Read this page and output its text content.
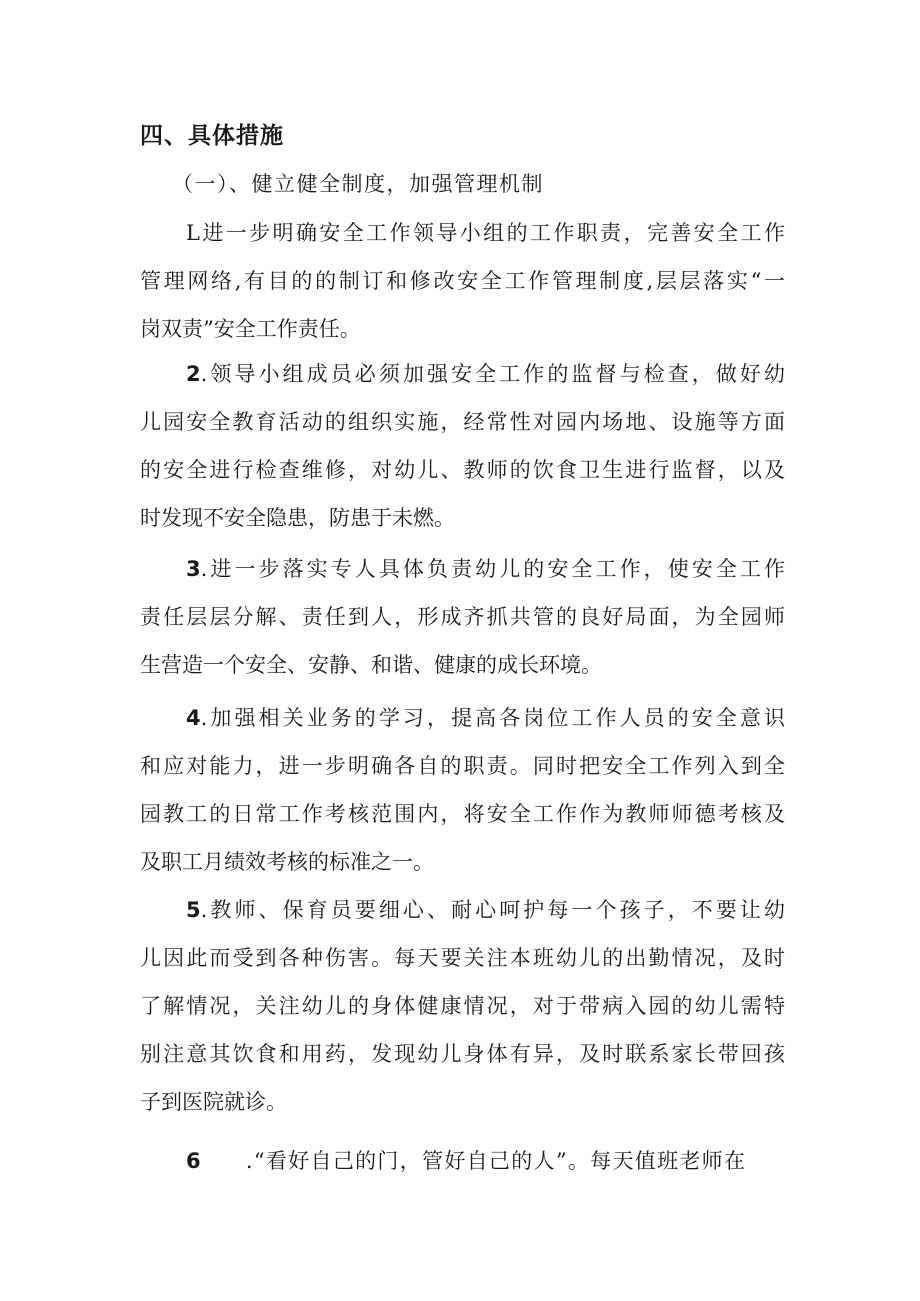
四、具体措施
（一）、健立健全制度，加强管理机制
L进一步明确安全工作领导小组的工作职责，完善安全工作
管理网络,有目的的制订和修改安全工作管理制度,层层落实“一
岗双责”安全工作责任。
2.领导小组成员必须加强安全工作的监督与检查，做好幼
儿园安全教育活动的组织实施，经常性对园内场地、设施等方面
的安全进行检查维修，对幼儿、教师的饮食卫生进行监督，以及
时发现不安全隐患，防患于未燃。
3.进一步落实专人具体负责幼儿的安全工作，使安全工作
责任层层分解、责任到人，形成齐抓共管的良好局面，为全园师
生营造一个安全、安静、和谐、健康的成长环境。
4.加强相关业务的学习，提高各岗位工作人员的安全意识
和应对能力，进一步明确各自的职责。同时把安全工作列入到全
园教工的日常工作考核范围内，将安全工作作为教师师德考核及
及职工月绩效考核的标准之一。
5.教师、保育员要细心、耐心呵护每一个孩子，不要让幼
儿因此而受到各种伤害。每天要关注本班幼儿的出勤情况，及时
了解情况，关注幼儿的身体健康情况，对于带病入园的幼儿需特
别注意其饮食和用药，发现幼儿身体有异，及时联系家长带回孩
子到医院就诊。
6 .“看好自己的门，管好自己的人”。每天值班老师在
